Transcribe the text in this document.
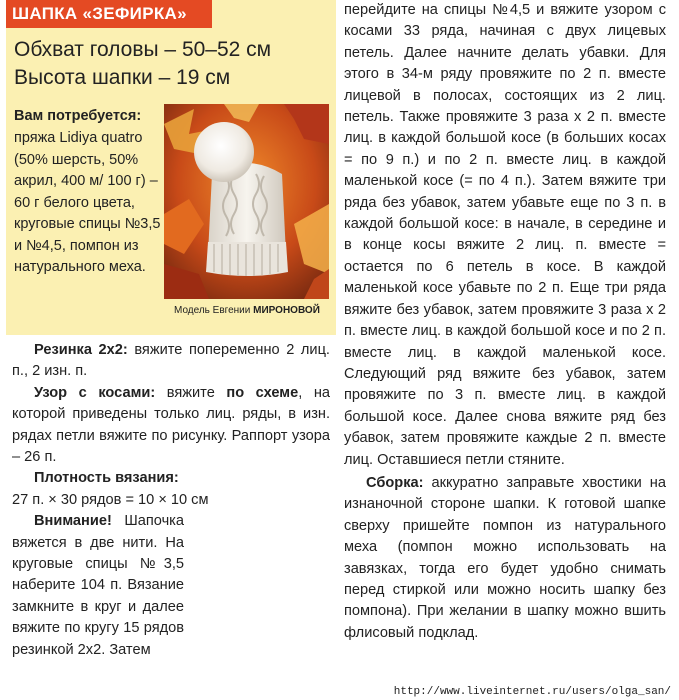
ШАПКА «ЗЕФИРКА»
Обхват головы – 50–52 см
Высота шапки – 19 см
Вам потребуется:
пряжа Lidiya quatro (50% шерсть, 50% акрил, 400 м/ 100 г) – 60 г белого цвета, круговые спицы №3,5 и №4,5, помпон из натурального меха.
Модель Евгении МИРОНОВОЙ

Резинка 2х2: вяжите попеременно 2 лиц. п., 2 изн. п.

Узор с косами: вяжите по схеме, на которой приведены только лиц. ряды, в изн. рядах петли вяжите по рисунку. Раппорт узора – 26 п.

Плотность вязания:

27 п. × 30 рядов = 10 × 10 см

Внимание! Шапочка вяжется в две нити. На круговые спицы №3,5 наберите 104 п. Вязание замкните в круг и далее вяжите по кругу 15 рядов резинкой 2х2. Затем

перейдите на спицы №4,5 и вяжите узором с косами 33 ряда, начиная с двух лицевых петель. Далее начните делать убавки. Для этого в 34-м ряду провяжите по 2 п. вместе лицевой в полосах, состоящих из 2 лиц. петель. Также провяжите 3 раза х 2 п. вместе лиц. в каждой большой косе (в больших косах = по 9 п.) и по 2 п. вместе лиц. в каждой маленькой косе (= по 4 п.). Затем вяжите три ряда без убавок, затем убавьте еще по 3 п. в каждой большой косе: в начале, в середине и в конце косы вяжите 2 лиц. п. вместе = остается по 6 петель в косе. В каждой маленькой косе убавьте по 2 п. Еще три ряда вяжите без убавок, затем провяжите 3 раза х 2 п. вместе лиц. в каждой большой косе и по 2 п. вместе лиц. в каждой маленькой косе. Следующий ряд вяжите без убавок, затем провяжите по 3 п. вместе лиц. в каждой большой косе. Далее снова вяжите ряд без убавок, затем провяжите каждые 2 п. вместе лиц. Оставшиеся петли стяните.

Сборка: аккуратно заправьте хвостики на изнаночной стороне шапки. К готовой шапке сверху пришейте помпон из натурального меха (помпон можно использовать на завязках, тогда его будет удобно снимать перед стиркой или можно носить шапку без помпона). При желании в шапку можно вшить флисовый подклад.

http://www.liveinternet.ru/users/olga_san/
